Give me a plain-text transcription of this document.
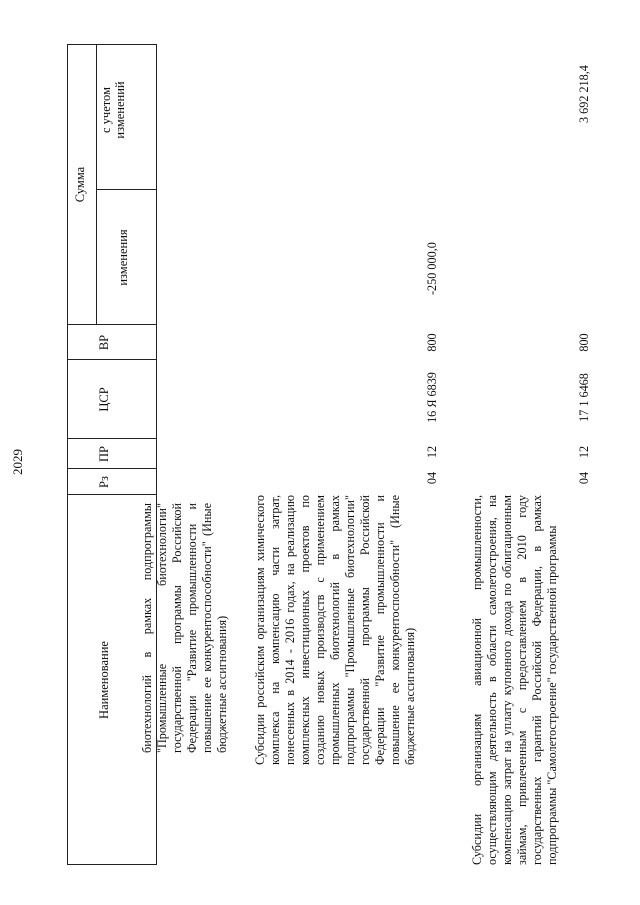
2029
Наименование
Рз
ПР
ЦСР
ВР
Сумма
изменения
с учетом изменений
биотехнологий в рамках подпрограммы "Промышленные биотехнологии" государственной программы Российской Федерации "Развитие промышленности и повышение ее конкурентоспособности" (Иные бюджетные ассигнования) Субсидии российским организациям химического комплекса на компенсацию части затрат, понесенных в 2014 - 2016 годах, на реализацию комплексных инвестиционных проектов по созданию новых производств с применением промышленных биотехнологий в рамках подпрограммы "Промышленные биотехнологии" государственной программы Российской Федерации "Развитие промышленности и повышение ее конкурентоспособности" (Иные бюджетные ассигнования)
04
12
16 Я 6839
800
-250 000,0
Субсидии организациям авиационной промышленности, осуществляющим деятельность в области самолетостроения, на компенсацию затрат на уплату купонного дохода по облигационным займам, привлеченным с предоставлением в 2010 году государственных гарантий Российской Федерации, в рамках подпрограммы "Самолетостроение" государственной программы
04
12
17 1 6468
800
3 692 218,4
